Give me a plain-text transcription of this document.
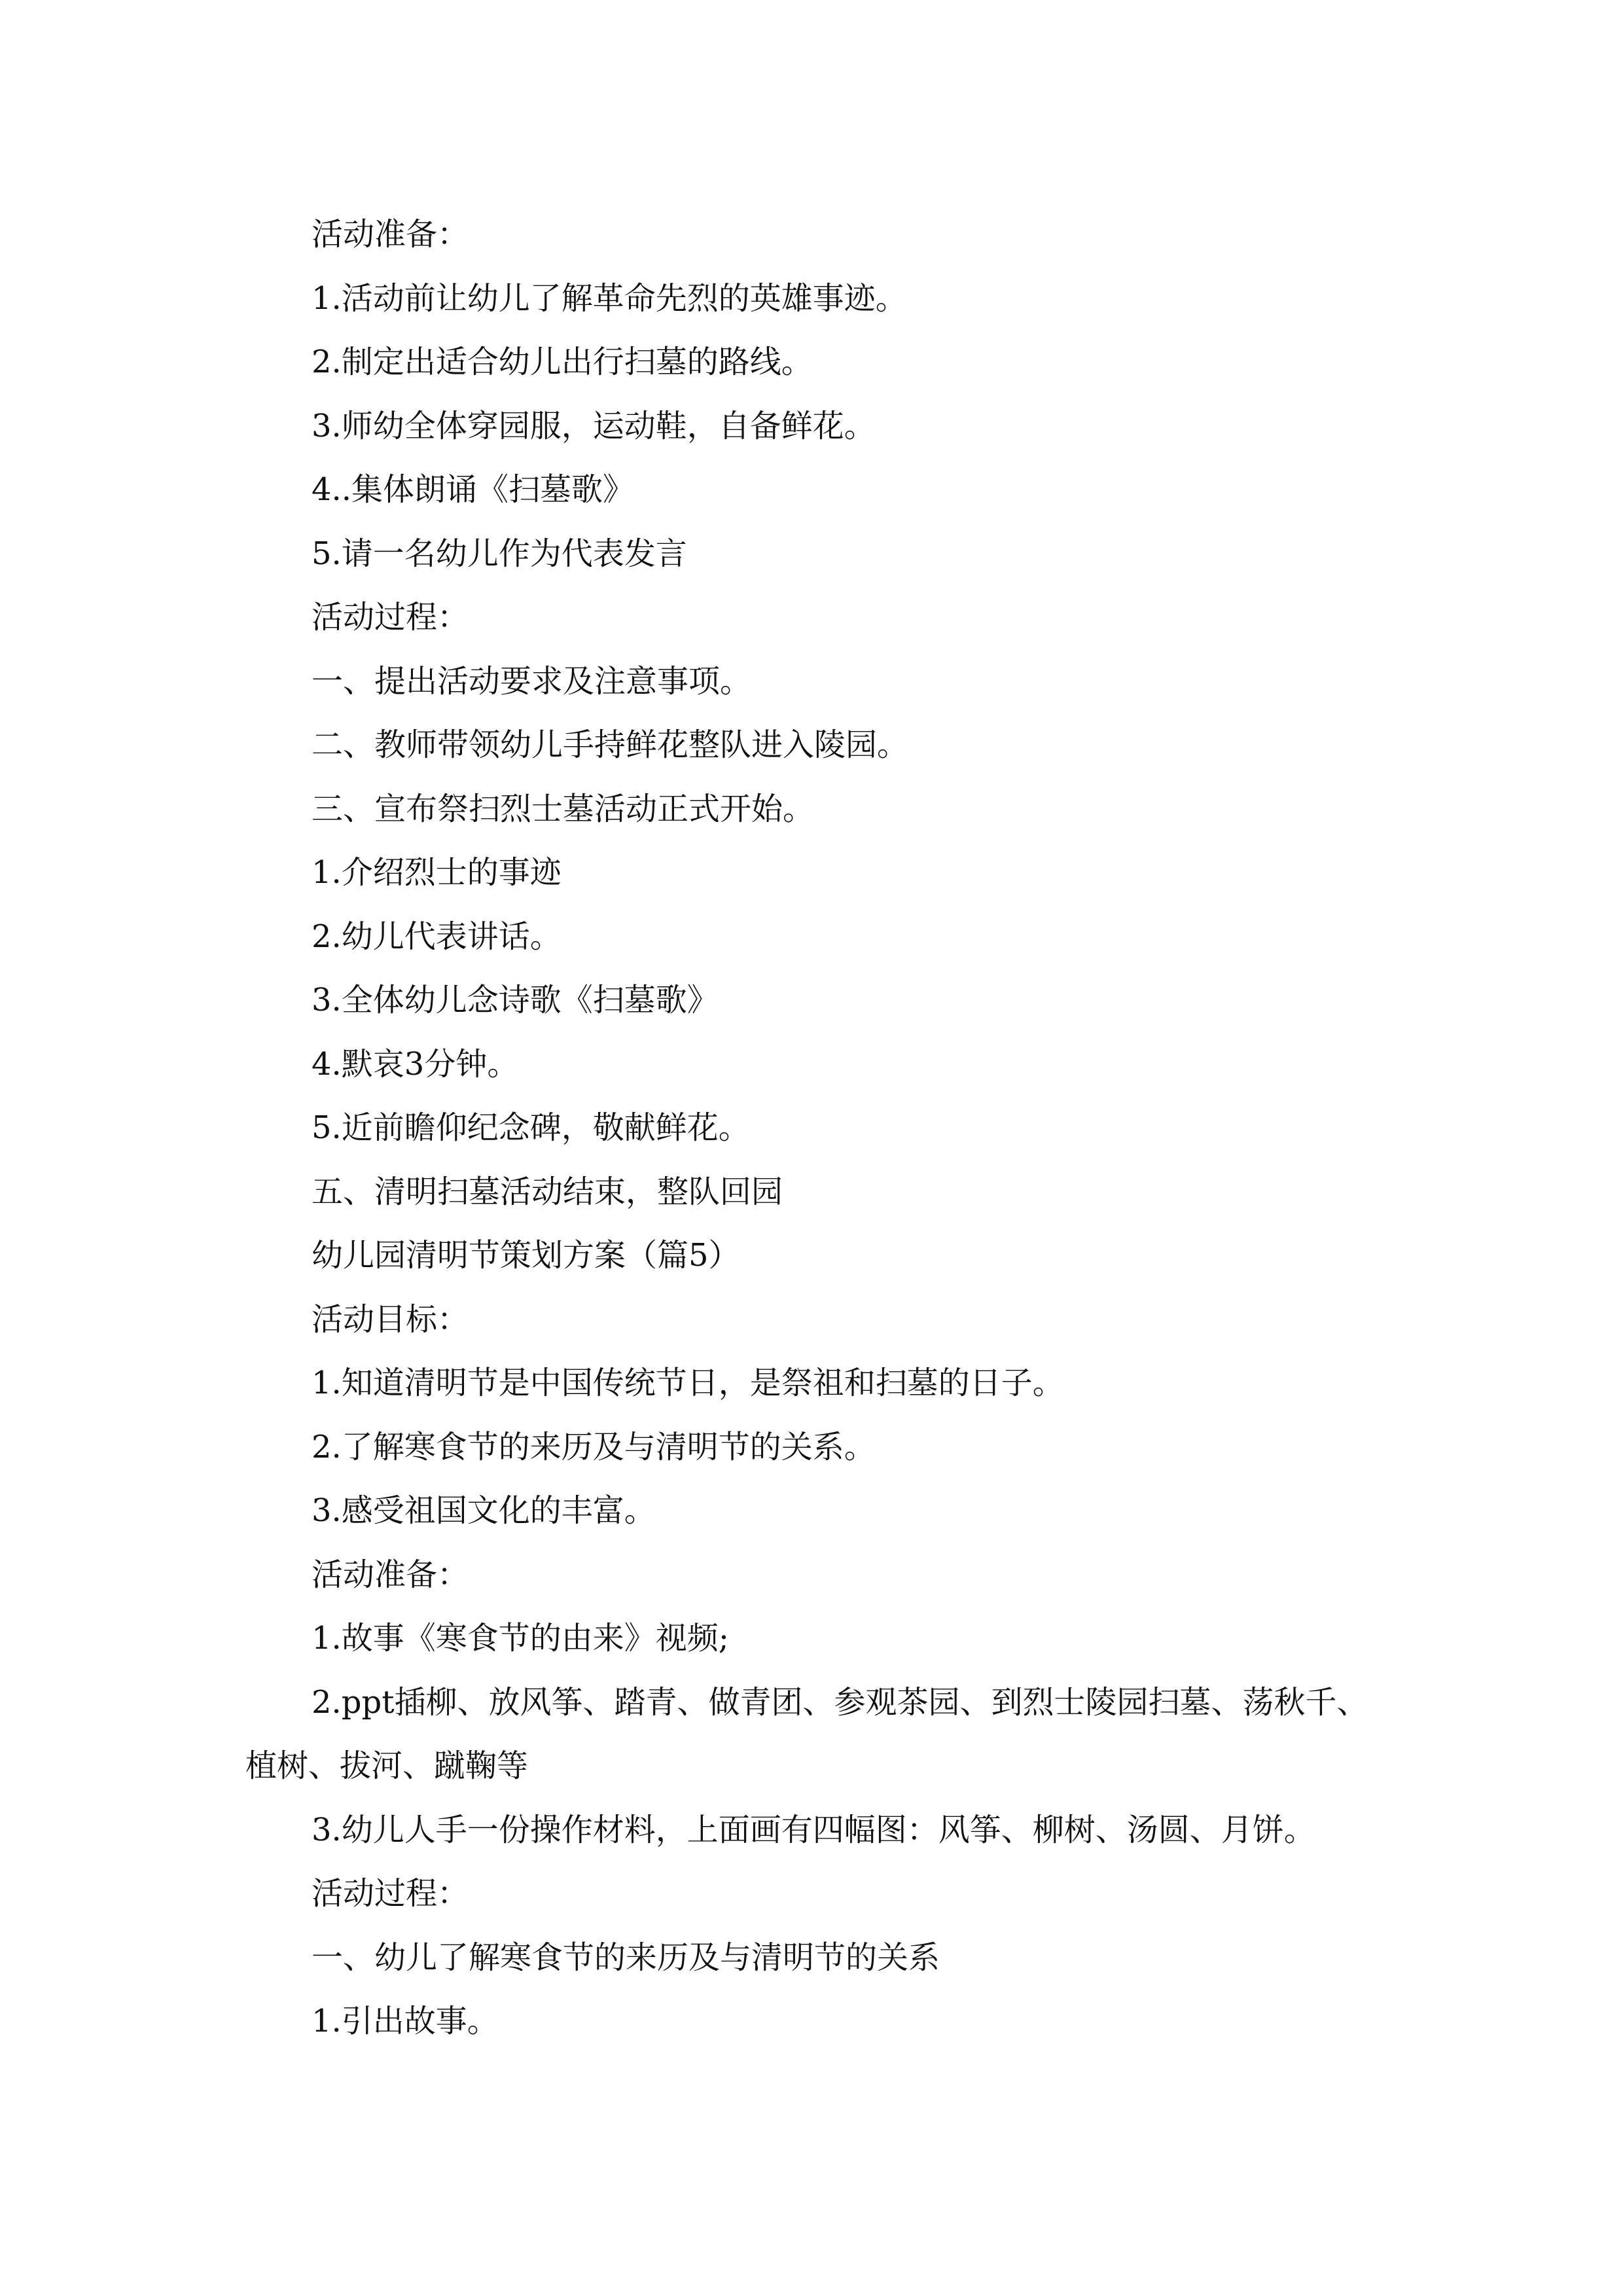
活动准备：
1.活动前让幼儿了解革命先烈的英雄事迹。
2.制定出适合幼儿出行扫墓的路线。
3.师幼全体穿园服，运动鞋，自备鲜花。
4..集体朗诵《扫墓歌》
5.请一名幼儿作为代表发言
活动过程：
一、提出活动要求及注意事项。
二、教师带领幼儿手持鲜花整队进入陵园。
三、宣布祭扫烈士墓活动正式开始。
1.介绍烈士的事迹
2.幼儿代表讲话。
3.全体幼儿念诗歌《扫墓歌》
4.默哀3分钟。
5.近前瞻仰纪念碑，敬献鲜花。
五、清明扫墓活动结束，整队回园
幼儿园清明节策划方案（篇5）
活动目标：
1.知道清明节是中国传统节日，是祭祖和扫墓的日子。
2.了解寒食节的来历及与清明节的关系。
3.感受祖国文化的丰富。
活动准备：
1.故事《寒食节的由来》视频;
2.ppt插柳、放风筝、踏青、做青团、参观茶园、到烈士陵园扫墓、荡秋千、植树、拔河、蹴鞠等
3.幼儿人手一份操作材料，上面画有四幅图：风筝、柳树、汤圆、月饼。
活动过程：
一、幼儿了解寒食节的来历及与清明节的关系
1.引出故事。
